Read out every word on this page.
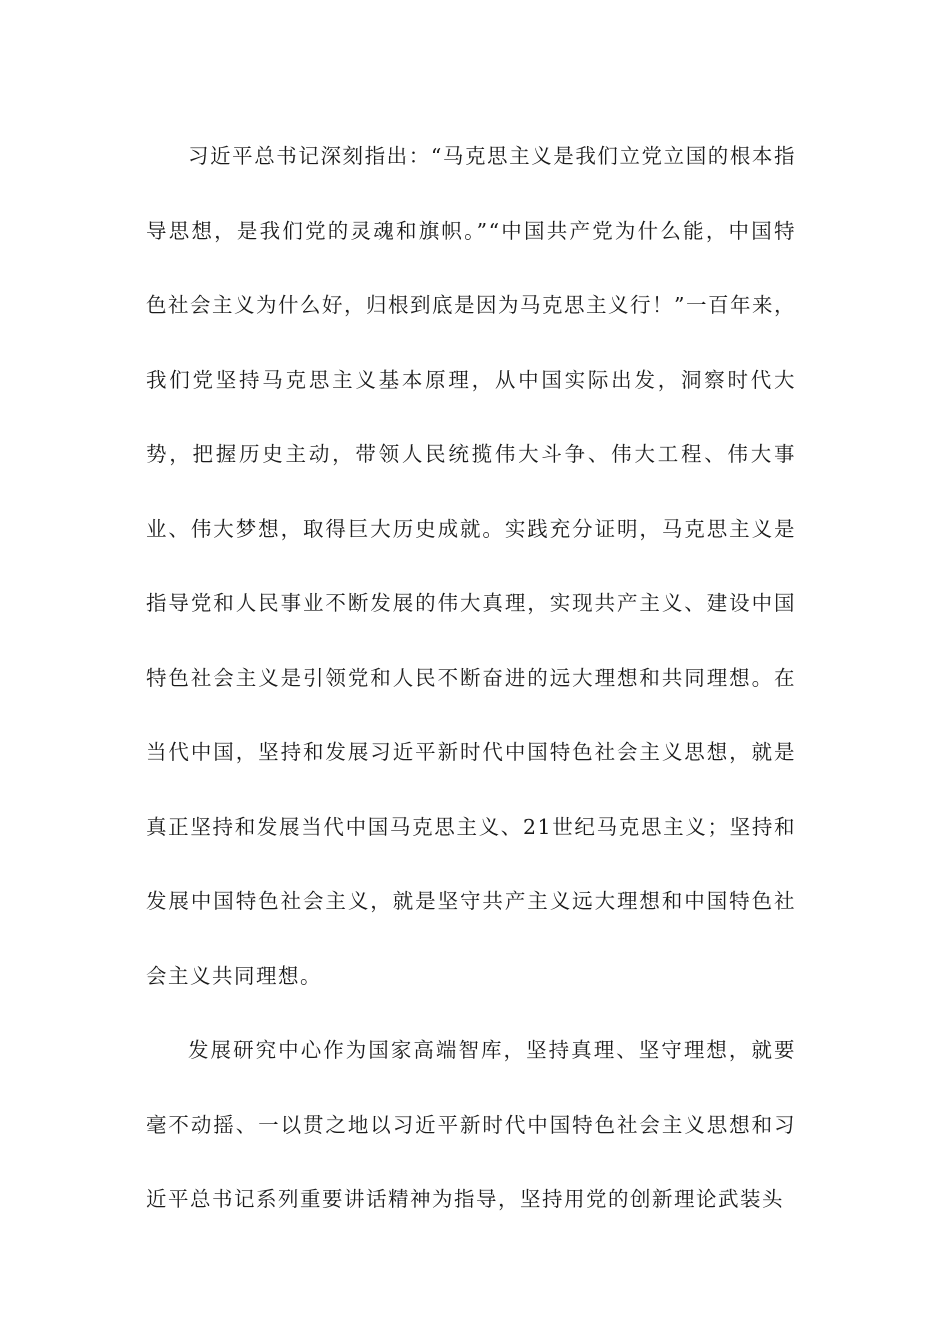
习近平总书记深刻指出：“马克思主义是我们立党立国的根本指导思想，是我们党的灵魂和旗帜。”“中国共产党为什么能，中国特色社会主义为什么好，归根到底是因为马克思主义行！”一百年来，我们党坚持马克思主义基本原理，从中国实际出发，洞察时代大势，把握历史主动，带领人民统揽伟大斗争、伟大工程、伟大事业、伟大梦想，取得巨大历史成就。实践充分证明，马克思主义是指导党和人民事业不断发展的伟大真理，实现共产主义、建设中国特色社会主义是引领党和人民不断奋进的远大理想和共同理想。在当代中国，坚持和发展习近平新时代中国特色社会主义思想，就是真正坚持和发展当代中国马克思主义、21世纪马克思主义；坚持和发展中国特色社会主义，就是坚守共产主义远大理想和中国特色社会主义共同理想。

发展研究中心作为国家高端智库，坚持真理、坚守理想，就要毫不动摇、一以贯之地以习近平新时代中国特色社会主义思想和习近平总书记系列重要讲话精神为指导，坚持用党的创新理论武装头
